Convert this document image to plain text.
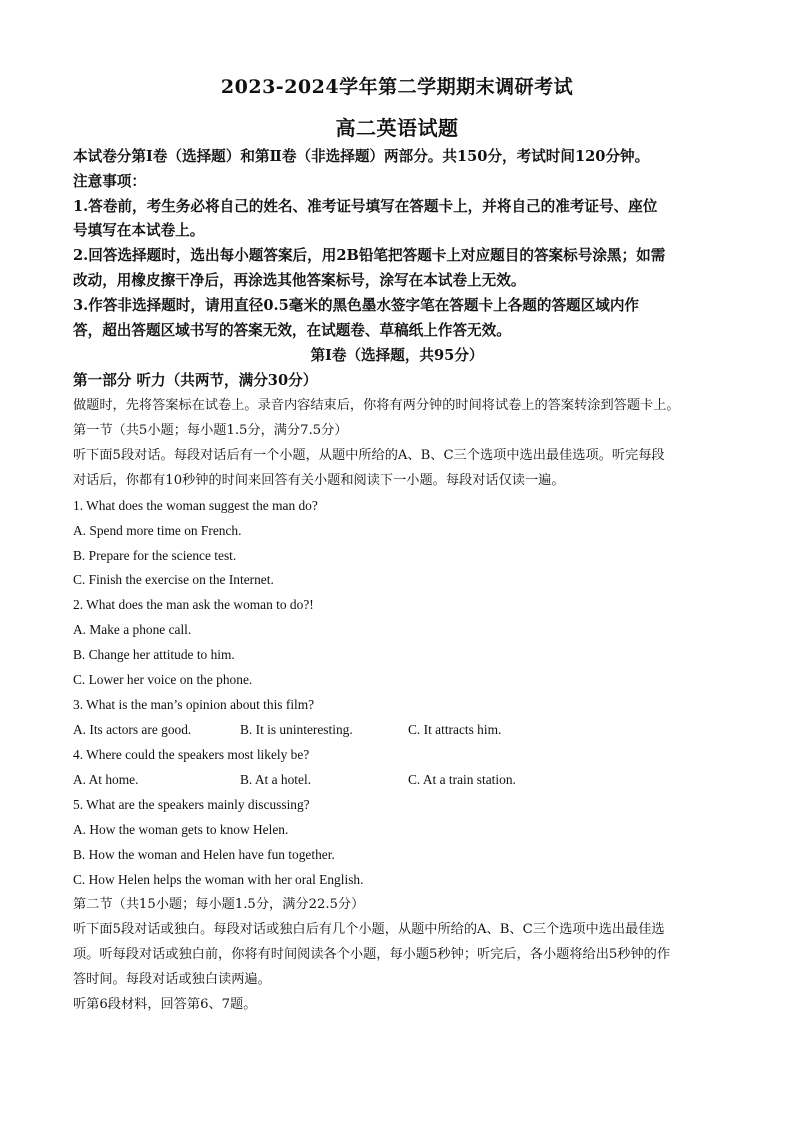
2023-2024学年第二学期期末调研考试
高二英语试题
本试卷分第Ⅰ卷（选择题）和第Ⅱ卷（非选择题）两部分。共150分，考试时间120分钟。
注意事项：
1.答卷前，考生务必将自己的姓名、准考证号填写在答题卡上，并将自己的准考证号、座位
号填写在本试卷上。
2.回答选择题时，选出每小题答案后，用2B铅笔把答题卡上对应题目的答案标号涂黑；如需
改动，用橡皮擦干净后，再涂选其他答案标号，涂写在本试卷上无效。
3.作答非选择题时，请用直径0.5毫米的黑色墨水签字笔在答题卡上各题的答题区域内作
答，超出答题区域书写的答案无效，在试题卷、草稿纸上作答无效。
第Ⅰ卷（选择题，共95分）
第一部分 听力（共两节，满分30分）
做题时，先将答案标在试卷上。录音内容结束后，你将有两分钟的时间将试卷上的答案转涂到答题卡上。
第一节（共5小题；每小题1.5分，满分7.5分）
听下面5段对话。每段对话后有一个小题，从题中所给的A、B、C三个选项中选出最佳选项。听完每段
对话后，你都有10秒钟的时间来回答有关小题和阅读下一小题。每段对话仅读一遍。
1. What does the woman suggest the man do?
A. Spend more time on French.
B. Prepare for the science test.
C. Finish the exercise on the Internet.
2. What does the man ask the woman to do?!
A. Make a phone call.
B. Change her attitude to him.
C. Lower her voice on the phone.
3. What is the man’s opinion about this film?
A. Its actors are good.	B. It is uninteresting.	C. It attracts him.
4. Where could the speakers most likely be?
A. At home.	B. At a hotel.	C. At a train station.
5. What are the speakers mainly discussing?
A. How the woman gets to know Helen.
B. How the woman and Helen have fun together.
C. How Helen helps the woman with her oral English.
第二节（共15小题；每小题1.5分，满分22.5分）
听下面5段对话或独白。每段对话或独白后有几个小题，从题中所给的A、B、C三个选项中选出最佳选
项。听每段对话或独白前，你将有时间阅读各个小题，每小题5秒钟；听完后，各小题将给出5秒钟的作
答时间。每段对话或独白读两遍。
听第6段材料，回答第6、7题。
